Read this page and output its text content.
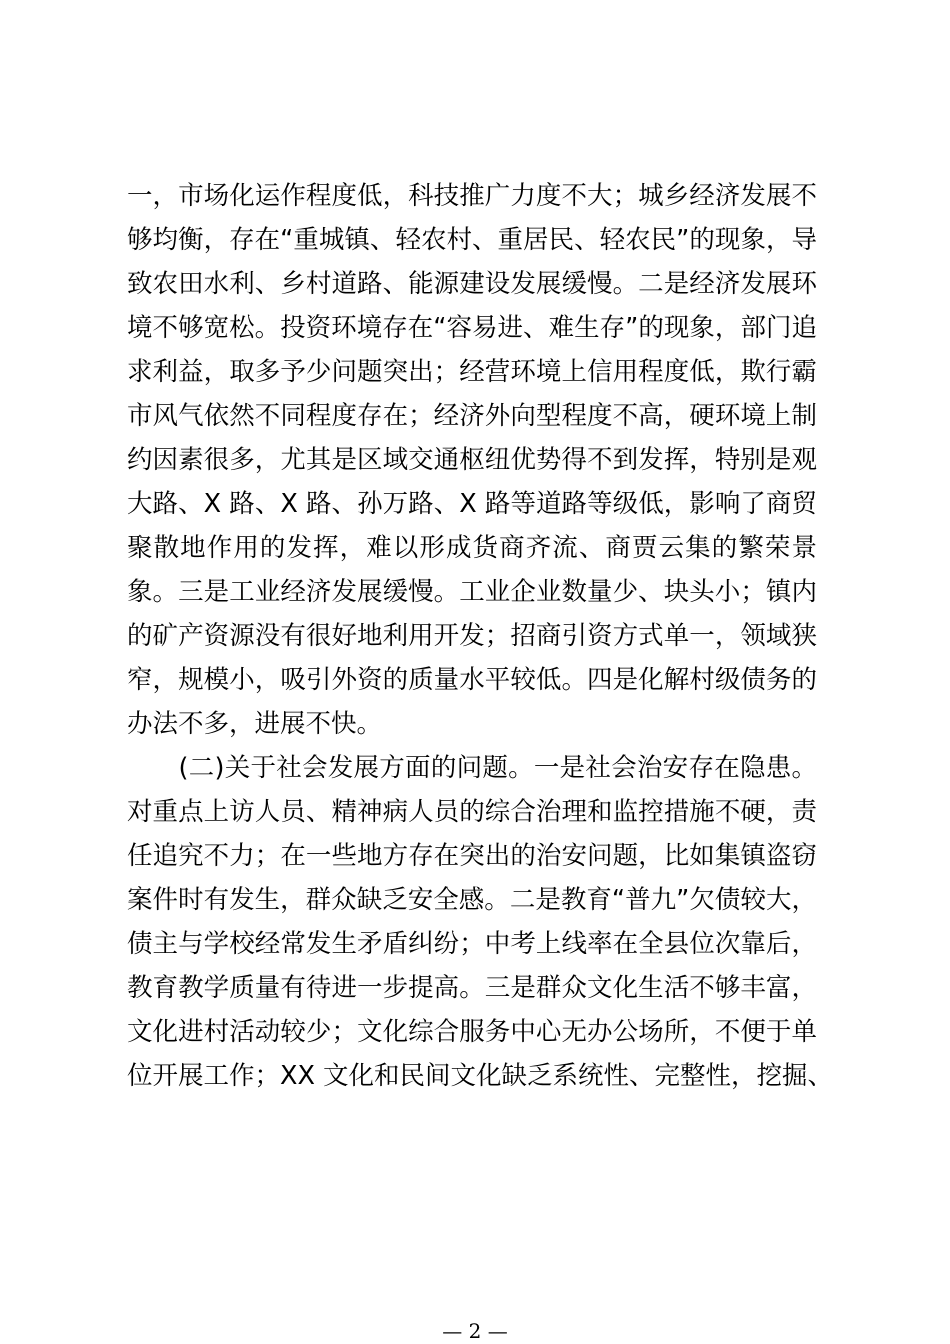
一，市场化运作程度低，科技推广力度不大；城乡经济发展不
够均衡，存在“重城镇、轻农村、重居民、轻农民”的现象，导
致农田水利、乡村道路、能源建设发展缓慢。二是经济发展环
境不够宽松。投资环境存在“容易进、难生存”的现象，部门追
求利益，取多予少问题突出；经营环境上信用程度低，欺行霸
市风气依然不同程度存在；经济外向型程度不高，硬环境上制
约因素很多，尤其是区域交通枢纽优势得不到发挥，特别是观
大路、X 路、X 路、孙万路、X 路等道路等级低，影响了商贸
聚散地作用的发挥，难以形成货商齐流、商贾云集的繁荣景
象。三是工业经济发展缓慢。工业企业数量少、块头小；镇内
的矿产资源没有很好地利用开发；招商引资方式单一，领域狭
窄，规模小，吸引外资的质量水平较低。四是化解村级债务的
办法不多，进展不快。
　　(二)关于社会发展方面的问题。一是社会治安存在隐患。
对重点上访人员、精神病人员的综合治理和监控措施不硬，责
任追究不力；在一些地方存在突出的治安问题，比如集镇盗窃
案件时有发生，群众缺乏安全感。二是教育“普九”欠债较大，
债主与学校经常发生矛盾纠纷；中考上线率在全县位次靠后，
教育教学质量有待进一步提高。三是群众文化生活不够丰富，
文化进村活动较少；文化综合服务中心无办公场所，不便于单
位开展工作；XX 文化和民间文化缺乏系统性、完整性，挖掘、
— 2 —
